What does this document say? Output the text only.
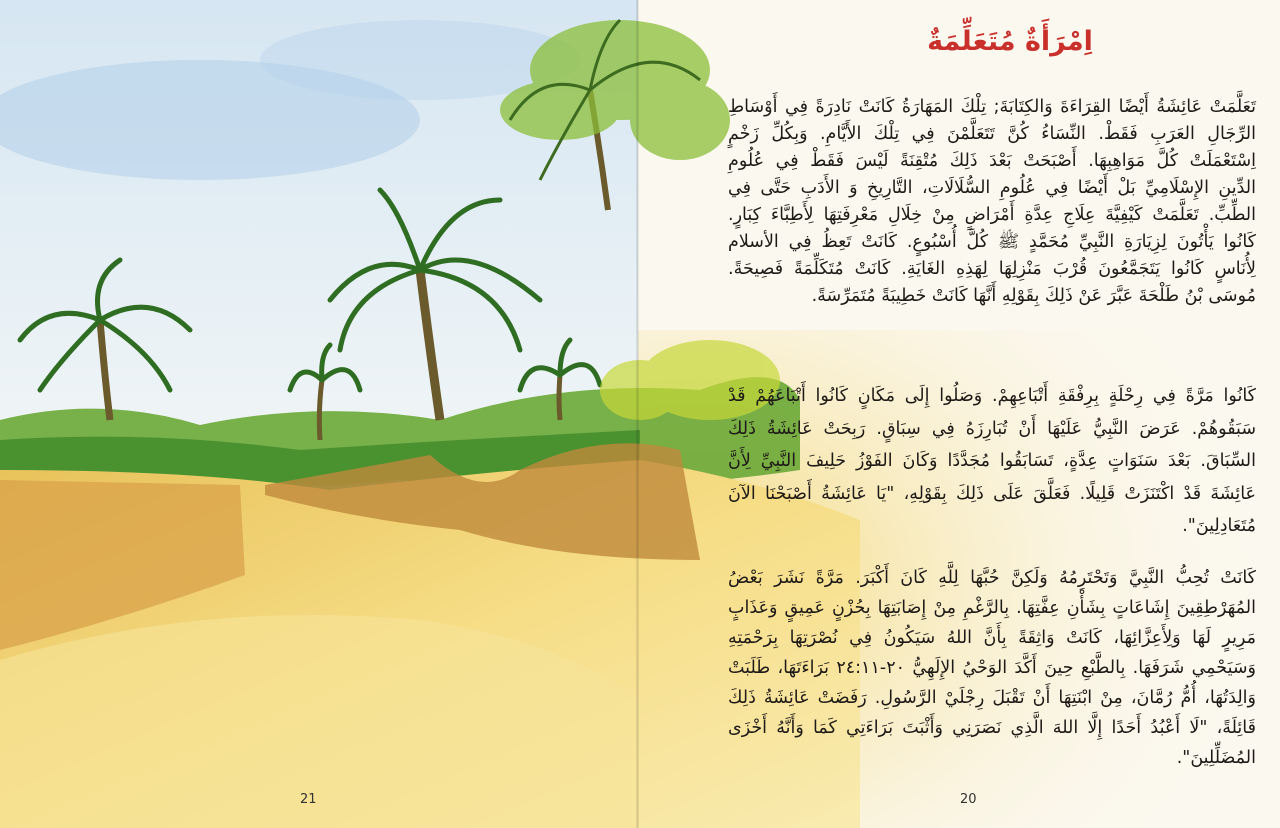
اِمْرَأَةٌ مُتَعَلِّمَةٌ
تَعَلَّمَتْ عَائِشَةُ أَيْضًا القِرَاءَةَ وَالكِتَابَةَ; تِلْكَ المَهَارَةُ كَانَتْ نَادِرَةً فِي أَوْسَاطِ
الرِّجَالِ العَرَبِ فَقَطْ. النِّسَاءُ كُنَّ تَتَعَلَّمْنَ فِي تِلْكَ الأَيَّامِ. وَبِكُلِّ زَخْمٍ
اِسْتَعْمَلَتْ كُلَّ مَوَاهِبِهَا. أَصْبَحَتْ بَعْدَ ذَلِكَ مُتْقِنَةً لَيْسَ فَقَطْ فِي عُلُومِ
الدِّينِ الإِسْلَامِيِّ بَلْ أَيْضًا فِي عُلُومِ السُّلَالَاتِ، التَّارِيخِ وَ الأَدَبِ حَتَّى فِي
الطِّبِّ. تَعَلَّمَتْ كَيْفِيَّةَ عِلَاجِ عِدَّةِ أَمْرَاضٍ مِنْ خِلَالِ مَعْرِفَتِهَا لِأَطِبَّاءَ كِبَارٍ.
كَانُوا يَأْتُونَ لِزِيَارَةِ النَّبِيِّ مُحَمَّدٍ ﷺ كُلَّ أُسْبُوعٍ. كَانَتْ تَعِظُ فِي الأسلام
لِأُنَاسٍ كَانُوا يَتَجَمَّعُونَ قُرْبَ مَنْزِلِهَا لِهَذِهِ الغَايَةِ. كَانَتْ مُتَكَلِّمَةً فَصِيحَةً.
مُوسَى بْنُ طَلْحَةَ عَبَّرَ عَنْ ذَلِكَ بِقَوْلِهِ أَنَّهَا كَانَتْ خَطِيبَةً مُتَمَرِّسَةً.
كَانُوا مَرَّةً فِي رِحْلَةٍ بِرِفْقَةِ أَتْبَاعِهِمْ. وَصَلُوا إِلَى مَكَانٍ كَانُوا أَتْبَاعَهُمْ قَدْ
سَبَقُوهُمْ. عَرَضَ النَّبِيُّ عَلَيْهَا أَنْ تُبَارِزَهُ فِي سِبَاقٍ. رَبِحَتْ عَائِشَةُ ذَلِكَ
السِّبَاقَ. بَعْدَ سَنَوَاتٍ عِدَّةٍ، تَسَابَقُوا مُجَدَّدًا وَكَانَ الفَوْزُ حَلِيفَ النَّبِيِّ لِأَنَّ
عَائِشَةَ قَدْ اكْتَنَزَتْ قَلِيلًا. فَعَلَّقَ عَلَى ذَلِكَ بِقَوْلِهِ، "يَا عَائِشَةُ أَصْبَحْنَا الآنَ
مُتَعَادِلِينَ".
كَانَتْ تُحِبُّ النَّبِيَّ وَتَحْتَرِمُهُ وَلَكِنَّ حُبَّهَا لِلَّهِ كَانَ أَكْبَرَ. مَرَّةً نَشَرَ بَعْضُ
المُهَرْطِقِينَ إِشَاعَاتٍ بِشَأْنِ عِفَّتِهَا. بِالرَّغْمِ مِنْ إِصَابَتِهَا بِحُزْنٍ عَمِيقٍ وَعَذَابٍ
مَرِيرٍ لَهَا وَلِأَعِزَّائِهَا، كَانَتْ وَاثِقَةً بِأَنَّ اللهُ سَيَكُونُ فِي نُصْرَتِهَا بِرَحْمَتِهِ
وَسَيَحْمِي شَرَفَهَا. بِالطَّبْعِ حِينَ أَكَّدَ الوَحْيُ الإِلَهِيُّ ٢٠-٢٤:١١ بَرَاءَتَهَا، طَلَبَتْ
وَالِدَتُهَا، أُمُّ رُمَّانَ، مِنْ ابْنَتِهَا أَنْ تَقْبَلَ رِجْلَيْ الرَّسُولِ. رَفَضَتْ عَائِشَةُ ذَلِكَ
قَائِلَةً، "لَا أَعْبُدُ أَحَدًا إِلَّا اللهَ الَّذِي نَصَرَنِي وَأَثْبَتَ بَرَاءَتِي كَمَا وَأَنَّهُ أَخْزَى
المُضَلِّلِينَ".
21	20
